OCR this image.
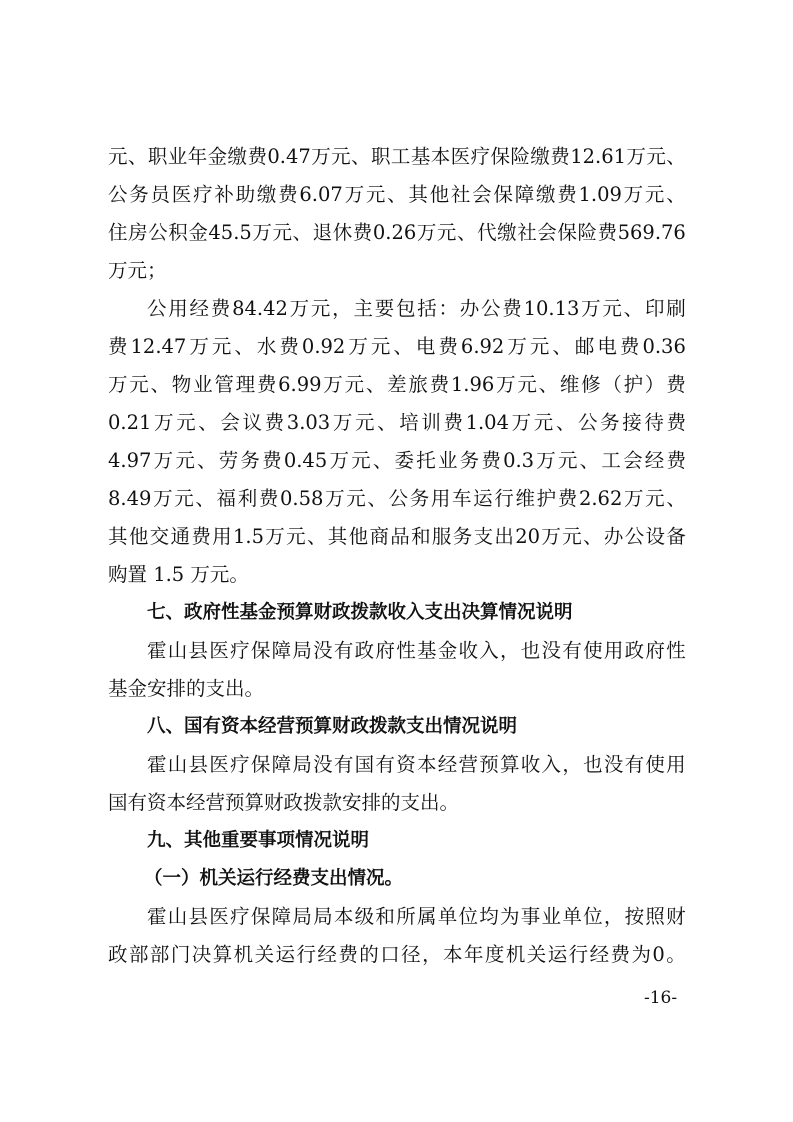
元 、 职 业 年 金 缴 费 0.47 万 元 、 职 工 基 本 医 疗 保 险 缴 费 12.61 万 元 、

公 务 员 医 疗 补 助 缴 费 6.07 万 元 、 其 他 社 会 保 障 缴 费 1.09 万 元 、

住 房 公 积 金 45.5 万 元 、 退 休 费 0.26 万 元 、 代 缴 社 会 保 险 费 569.76

万元；

公 用 经 费 84.42 万 元 ， 主 要 包 括 ： 办 公 费 10.13 万 元 、 印 刷

费 12.47 万 元 、 水 费 0.92 万 元 、 电 费 6.92 万 元 、 邮 电 费 0.36

万 元 、 物 业 管 理 费 6.99 万 元 、 差 旅 费 1.96 万 元 、 维 修 （ 护 ） 费

0.21 万 元 、 会 议 费 3.03 万 元 、 培 训 费 1.04 万 元 、 公 务 接 待 费

4.97 万 元 、 劳 务 费 0.45 万 元 、 委 托 业 务 费 0.3 万 元 、 工 会 经 费

8.49 万 元 、 福 利 费 0.58 万 元 、 公 务 用 车 运 行 维 护 费 2.62 万 元 、

其 他 交 通 费 用 1.5 万 元 、 其 他 商 品 和 服 务 支 出 20 万 元 、 办 公 设 备

购置 1.5 万元。

七、政府性基金预算财政拨款收入支出决算情况说明

霍 山 县 医 疗 保 障 局 没 有 政 府 性 基 金 收 入 ， 也 没 有 使 用 政 府 性

基金安排的支出。

八、国有资本经营预算财政拨款支出情况说明

霍 山 县 医 疗 保 障 局 没 有 国 有 资 本 经 营 预 算 收 入 ， 也 没 有 使 用

国有资本经营预算财政拨款安排的支出。

九、其他重要事项情况说明

（一）机关运行经费支出情况。

霍 山 县 医 疗 保 障 局 局 本 级 和 所 属 单 位 均 为 事 业 单 位 ， 按 照 财

政 部 部 门 决 算 机 关 运 行 经 费 的 口 径 ， 本 年 度 机 关 运 行 经 费 为 0 。

-16-
